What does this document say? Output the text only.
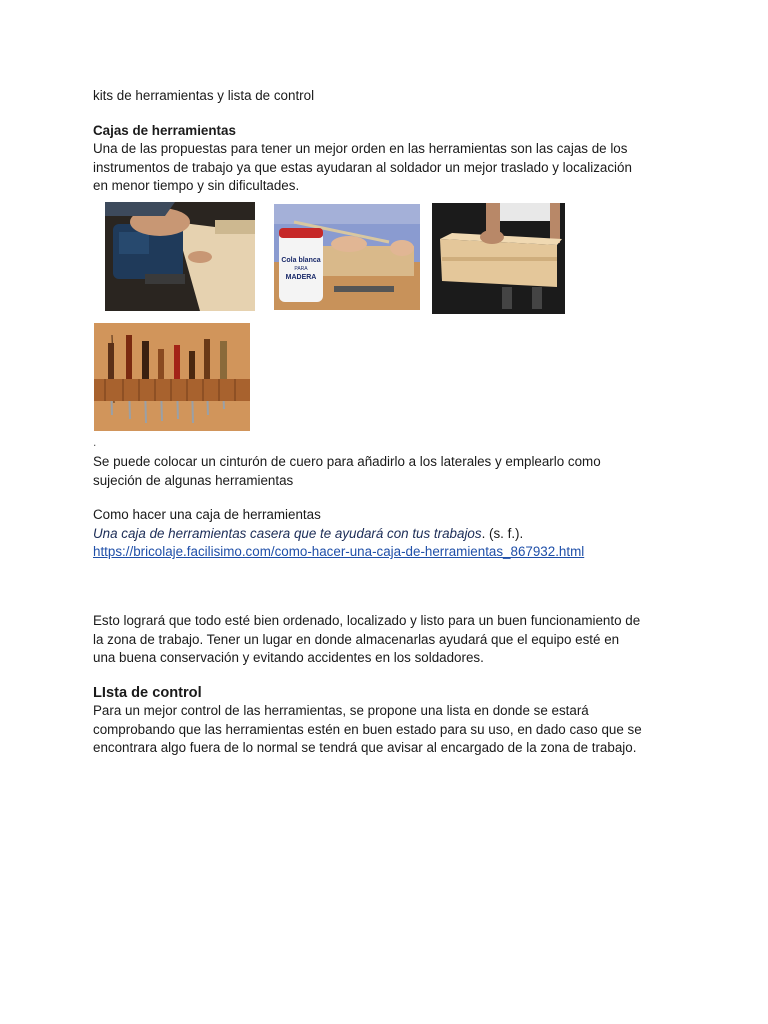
kits de herramientas y lista de control
Cajas de herramientas
Una de las propuestas para tener un mejor orden en las herramientas son las cajas de los
instrumentos de trabajo ya que estas ayudaran al soldador un mejor traslado y localización
en menor tiempo y sin dificultades.
Cola blanca
PARA
MADERA
.
Se puede colocar un cinturón de cuero para añadirlo a los laterales y emplearlo como
sujeción de algunas herramientas
Como hacer una caja de herramientas
Una caja de herramientas casera que te ayudará con tus trabajos. (s. f.).
https://bricolaje.facilisimo.com/como-hacer-una-caja-de-herramientas_867932.html
Esto logrará que todo esté bien ordenado, localizado y listo para un buen funcionamiento de
la zona de trabajo. Tener un lugar en donde almacenarlas ayudará que el equipo esté en
una buena conservación y evitando accidentes en los soldadores.
LIsta de control
Para un mejor control de las herramientas, se propone una lista en donde se estará
comprobando que las herramientas estén en buen estado para su uso, en dado caso que se
encontrara algo fuera de lo normal se tendrá que avisar al encargado de la zona de trabajo.
